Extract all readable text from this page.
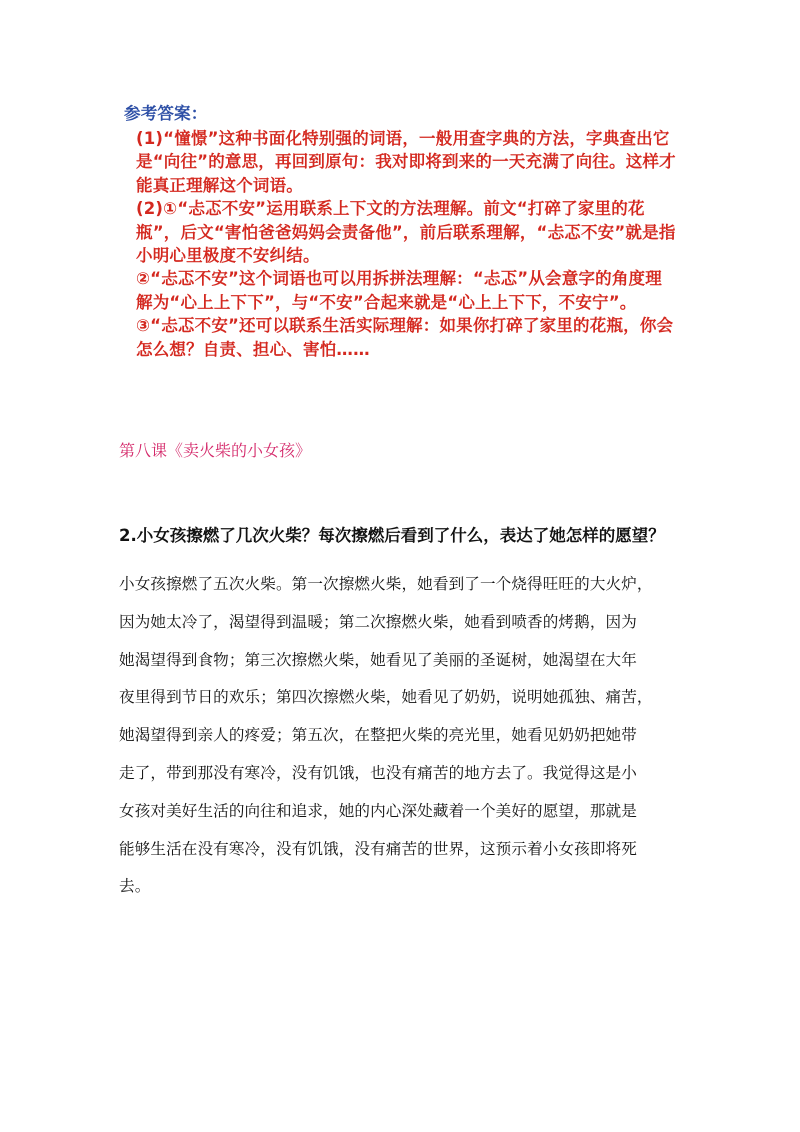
参考答案：

(1)“憧憬”这种书面化特别强的词语，一般用查字典的方法，字典查出它是“向往”的意思，再回到原句：我对即将到来的一天充满了向往。这样才能真正理解这个词语。

(2)①“忐忑不安”运用联系上下文的方法理解。前文“打碎了家里的花瓶”，后文“害怕爸爸妈妈会责备他”，前后联系理解，“忐忑不安”就是指小明心里极度不安纠结。

②“忐忑不安”这个词语也可以用拆拼法理解：“忐忑”从会意字的角度理解为“心上上下下”，与“不安”合起来就是“心上上下下，不安宁”。

③“忐忑不安”还可以联系生活实际理解：如果你打碎了家里的花瓶，你会怎么想？自责、担心、害怕……

第八课《卖火柴的小女孩》
2.小女孩擦燃了几次火柴？每次擦燃后看到了什么，表达了她怎样的愿望？
小女孩擦燃了五次火柴。第一次擦燃火柴，她看到了一个烧得旺旺的大火炉，
因为她太冷了，渴望得到温暖；第二次擦燃火柴，她看到喷香的烤鹅，因为
她渴望得到食物；第三次擦燃火柴，她看见了美丽的圣诞树，她渴望在大年
夜里得到节日的欢乐；第四次擦燃火柴，她看见了奶奶，说明她孤独、痛苦，
她渴望得到亲人的疼爱；第五次，在整把火柴的亮光里，她看见奶奶把她带
走了，带到那没有寒冷，没有饥饿，也没有痛苦的地方去了。我觉得这是小
女孩对美好生活的向往和追求，她的内心深处藏着一个美好的愿望，那就是
能够生活在没有寒冷，没有饥饿，没有痛苦的世界，这预示着小女孩即将死
去。
